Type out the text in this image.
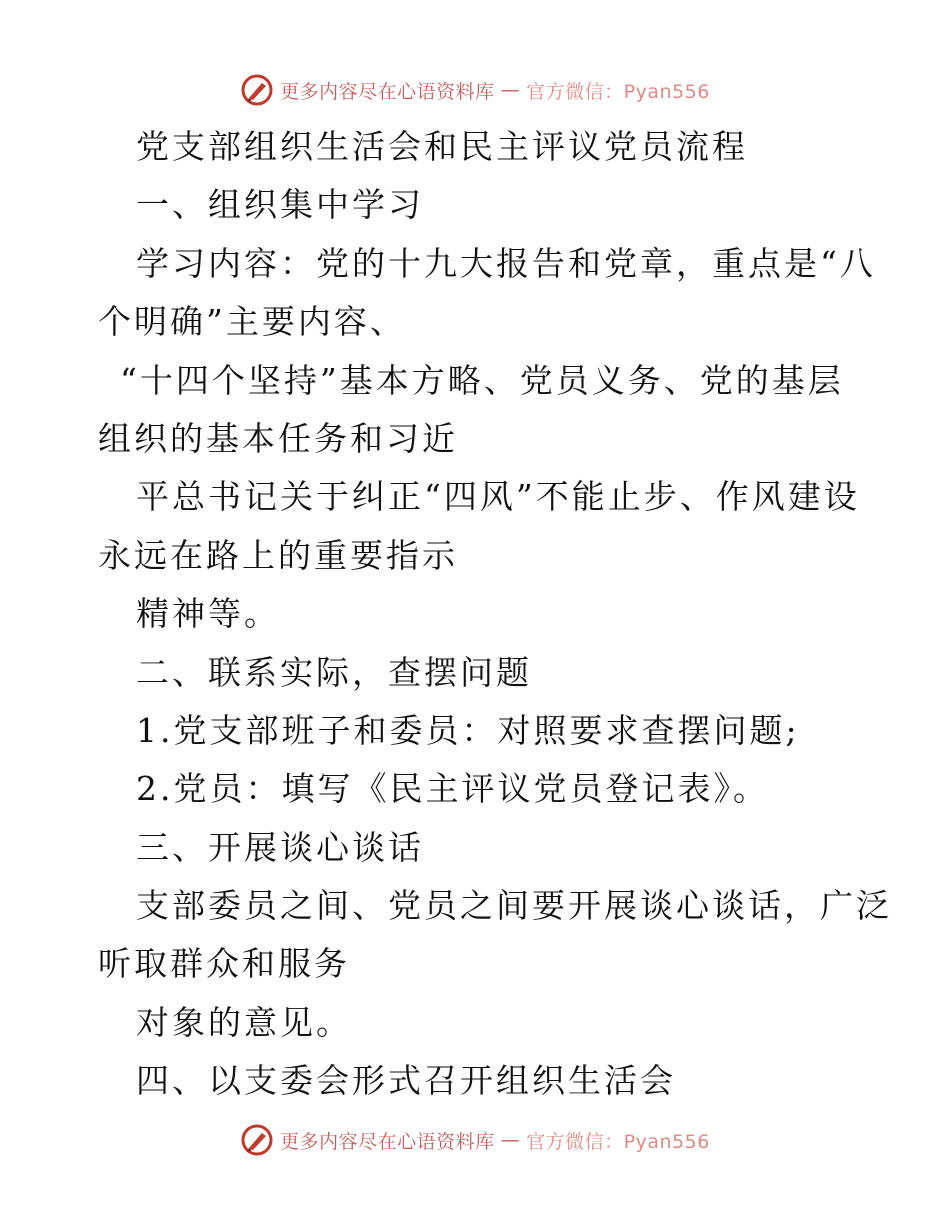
更多内容尽在心语资料库 — 官方微信：Pyan556
党支部组织生活会和民主评议党员流程
一、组织集中学习
学习内容：党的十九大报告和党章，重点是“八
个明确”主要内容、
“十四个坚持”基本方略、党员义务、党的基层
组织的基本任务和习近
平总书记关于纠正“四风”不能止步、作风建设
永远在路上的重要指示
精神等。
二、联系实际，查摆问题
1.党支部班子和委员：对照要求查摆问题;
2.党员：填写《民主评议党员登记表》。
三、开展谈心谈话
支部委员之间、党员之间要开展谈心谈话，广泛
听取群众和服务
对象的意见。
四、以支委会形式召开组织生活会
更多内容尽在心语资料库 — 官方微信：Pyan556
